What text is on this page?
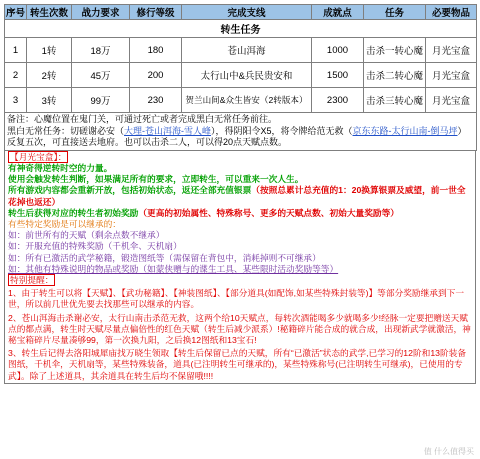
转生任务							
序号	转生次数	战力要求	修行等级	完成支线	成就点	任务	必要物品
1	1转	18万	180	苍山洱海	1000	击杀一转心魔	月光宝盒
2	2转	45万	200	太行山中&兵民贵安和	1500	击杀二转心魔	月光宝盒
3	3转	99万	230	贺兰山间&众生皆安（2转版本）	2300	击杀三转心魔	月光宝盒

备注：心魔位置在鬼门关，可通过死亡或者完成黑白无常任务前往。
黑白无常任务：切磋谢必安（大理-苍山洱海-雪人峰），得阴阳令X5，将令牌给范无救（京东东路-太行山南-倒马坪）反复五次，可直接送去地府。也可以击杀二人，可以得20点天赋点数。							

【月光宝盒】：

有神奇得逆转时空的力量。

使用会触发转生判断，如果满足所有的要求，立即转生，可以重来一次人生。

所有游戏内容都会重新开放，包括初始状态，返还全部充值银票（按照总累计总充值的1：20换算银票及威望，前一世全花掉也返还）

转生后获得对应的转生者初始奖励（更高的初始属性、特殊称号、更多的天赋点数、初始大量奖励等）

有些特定奖励是可以继承的：

如：前世所有的天赋（剩余点数不继承）

如：开服充值的特殊奖励（千机伞、天机扇）

如：所有已激活的武学秘籍，锻造图纸等（需保留在背包中，消耗掉则不可继承）

如：其他有特殊说明的物品或奖励（如蒙侠赠与的谍生工具、某些限时活动奖励等等）

特别提醒：

1、由于转生可以将【天赋】、【武功秘籍】、【神装图纸】、【部分道具(如配饰,如某些特殊封装等)】等部分奖励继承到下一世，所以前几世优先要去找那些可以继承的内容。

2、苍山洱海击杀谢必安，太行山南击杀范无救，这两个给10天赋点，每转次酒能喝多少就喝多少!经脉一定要把赠送天赋点的都点满，转生时天赋尽量点偏倍性的红色天赋（转生后减少派系）!秘籍碎片能合成的就合成，出现新武学就激活，神秘宝箱碎片尽量凑够99，第一次换九阳，之后换12图纸和13宝石!

3、转生后记得去洛阳城犀庙找万晓生领取【转生后保留已点的天赋，所有“已激活”状态的武学,已学习的12阶和13阶装备图纸，千机伞，天机扇等，某些特殊装备，道具(已注明转生可继承的)，某些特殊称号(已注明转生可继承)，已使用的专武】。除了上述道具，其余道具在转生后均不保留哦!!!!

值 什么值得买
